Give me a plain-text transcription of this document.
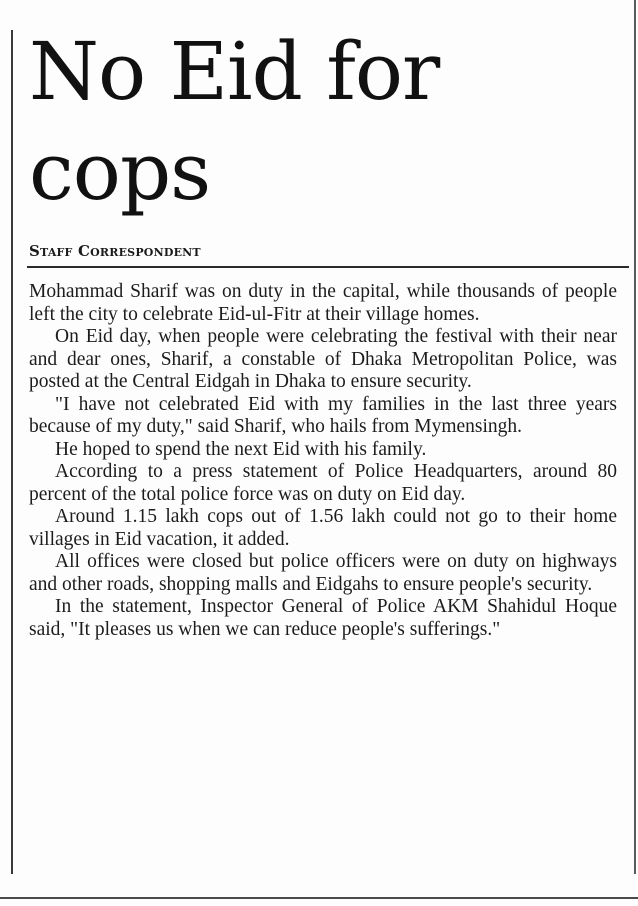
No Eid for cops
Staff Correspondent

Mohammad Sharif was on duty in the capital, while thousands of people left the city to celebrate Eid-ul-Fitr at their village homes.

On Eid day, when people were celebrating the festival with their near and dear ones, Sharif, a constable of Dhaka Metropolitan Police, was posted at the Central Eidgah in Dhaka to ensure security.

"I have not celebrated Eid with my families in the last three years because of my duty," said Sharif, who hails from Mymensingh.

He hoped to spend the next Eid with his family.

According to a press statement of Police Headquarters, around 80 percent of the total police force was on duty on Eid day.

Around 1.15 lakh cops out of 1.56 lakh could not go to their home villages in Eid vacation, it added.

All offices were closed but police officers were on duty on highways and other roads, shopping malls and Eidgahs to ensure people's security.

In the statement, Inspector General of Police AKM Shahidul Hoque said, "It pleases us when we can reduce people's sufferings."
